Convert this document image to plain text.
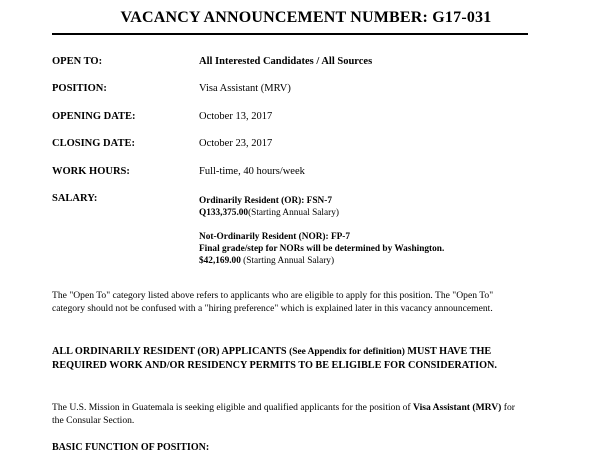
VACANCY ANNOUNCEMENT NUMBER: G17-031
OPEN TO:	All Interested Candidates / All Sources
POSITION:	Visa Assistant (MRV)
OPENING DATE:	October 13, 2017
CLOSING DATE:	October 23, 2017
WORK HOURS:	Full-time, 40 hours/week
SALARY:	Ordinarily Resident (OR): FSN-7
Q133,375.00(Starting Annual Salary)
Not-Ordinarily Resident (NOR): FP-7
Final grade/step for NORs will be determined by Washington.
$42,169.00 (Starting Annual Salary)
The "Open To" category listed above refers to applicants who are eligible to apply for this position. The "Open To" category should not be confused with a "hiring preference" which is explained later in this vacancy announcement.
ALL ORDINARILY RESIDENT (OR) APPLICANTS (See Appendix for definition) MUST HAVE THE REQUIRED WORK AND/OR RESIDENCY PERMITS TO BE ELIGIBLE FOR CONSIDERATION.
The U.S. Mission in Guatemala is seeking eligible and qualified applicants for the position of Visa Assistant (MRV) for the Consular Section.
BASIC FUNCTION OF POSITION:
